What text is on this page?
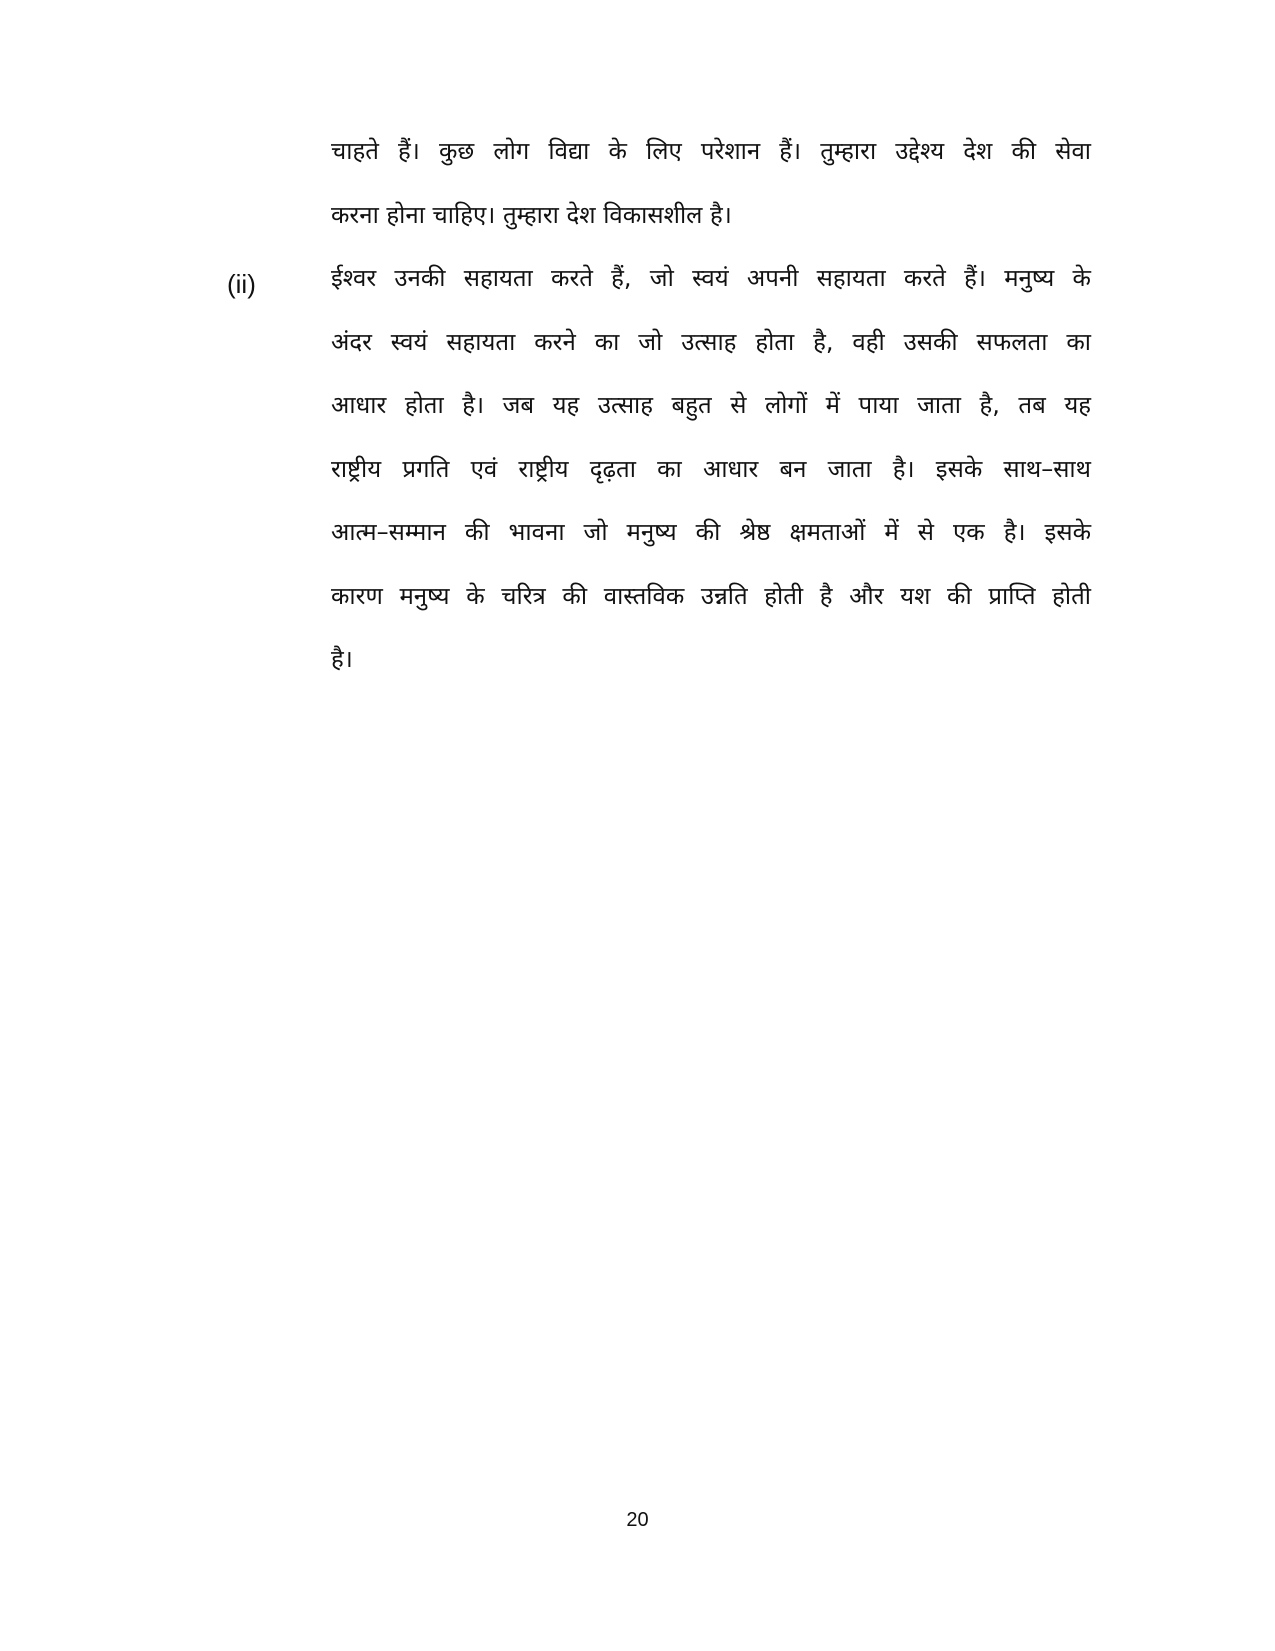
चाहते हैं। कुछ लोग विद्या के लिए परेशान हैं। तुम्हारा उद्देश्य देश की सेवा
करना होना चाहिए। तुम्हारा देश विकासशील है।
(ii)	ईश्वर उनकी सहायता करते हैं, जो स्वयं अपनी सहायता करते हैं। मनुष्य के
अंदर स्वयं सहायता करने का जो उत्साह होता है, वही उसकी सफलता का
आधार होता है। जब यह उत्साह बहुत से लोगों में पाया जाता है, तब यह
राष्ट्रीय प्रगति एवं राष्ट्रीय दृढ़ता का आधार बन जाता है। इसके साथ–साथ
आत्म–सम्मान की भावना जो मनुष्य की श्रेष्ठ क्षमताओं में से एक है। इसके
कारण मनुष्य के चरित्र की वास्तविक उन्नति होती है और यश की प्राप्ति होती
है।
20
